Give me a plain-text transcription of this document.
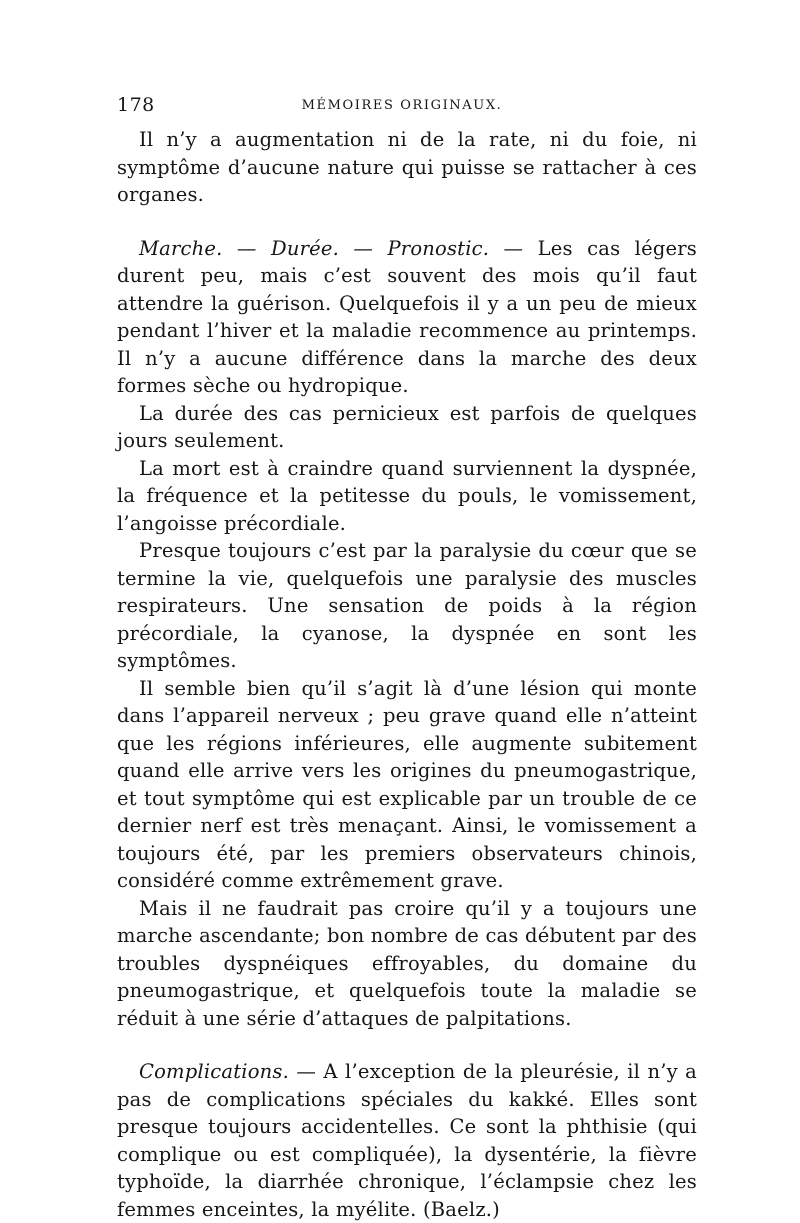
178	MÉMOIRES ORIGINAUX.

Il n’y a augmentation ni de la rate, ni du foie, ni symptôme d’aucune nature qui puisse se rattacher à ces organes.

Marche. — Durée. — Pronostic. — Les cas légers durent peu, mais c’est souvent des mois qu’il faut attendre la guérison. Quelquefois il y a un peu de mieux pendant l’hiver et la maladie recommence au printemps. Il n’y a aucune différence dans la marche des deux formes sèche ou hydropique.

La durée des cas pernicieux est parfois de quelques jours seulement.

La mort est à craindre quand surviennent la dyspnée, la fréquence et la petitesse du pouls, le vomissement, l’angoisse précordiale.

Presque toujours c’est par la paralysie du cœur que se termine la vie, quelquefois une paralysie des muscles respirateurs. Une sensation de poids à la région précordiale, la cyanose, la dyspnée en sont les symptômes.

Il semble bien qu’il s’agit là d’une lésion qui monte dans l’appareil nerveux ; peu grave quand elle n’atteint que les régions inférieures, elle augmente subitement quand elle arrive vers les origines du pneumogastrique, et tout symptôme qui est explicable par un trouble de ce dernier nerf est très menaçant. Ainsi, le vomissement a toujours été, par les premiers observateurs chinois, considéré comme extrêmement grave.

Mais il ne faudrait pas croire qu’il y a toujours une marche ascendante; bon nombre de cas débutent par des troubles dyspnéiques effroyables, du domaine du pneumogastrique, et quelquefois toute la maladie se réduit à une série d’attaques de palpitations.

Complications. — A l’exception de la pleurésie, il n’y a pas de complications spéciales du kakké. Elles sont presque toujours accidentelles. Ce sont la phthisie (qui complique ou est compliquée), la dysentérie, la fièvre typhoïde, la diarrhée chronique, l’éclampsie chez les femmes enceintes, la myélite. (Baelz.)
